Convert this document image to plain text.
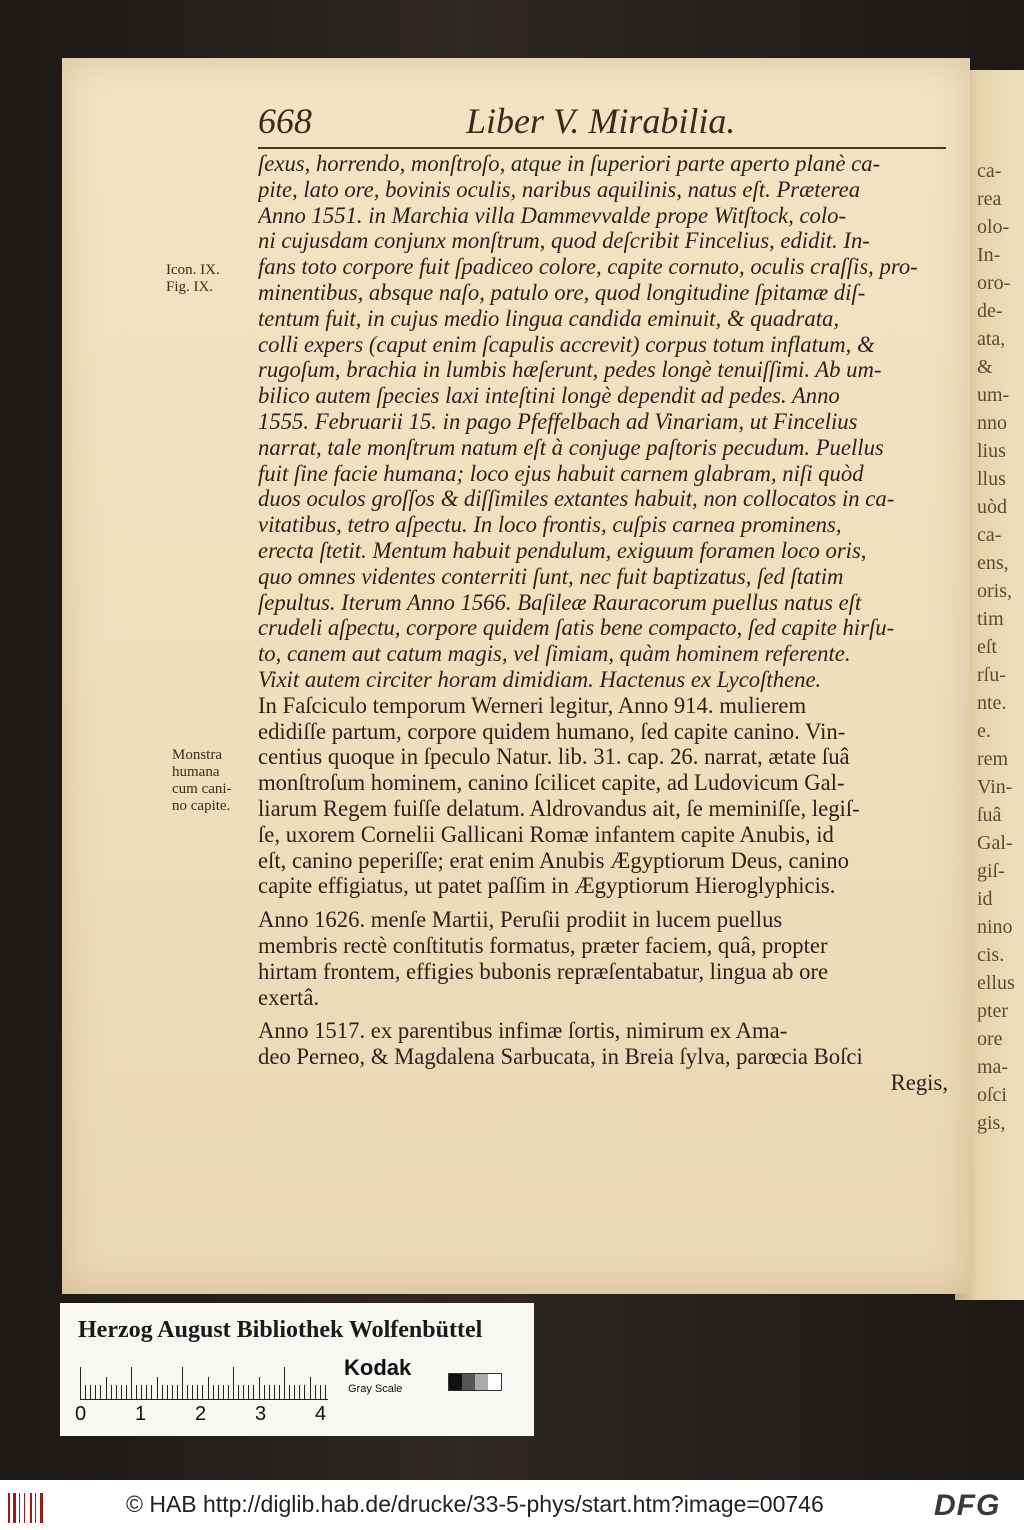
ca-
rea
olo-
In-
oro-
de-
ata,
&
um-
nno
lius
llus
uòd
ca-
ens,
oris,
tim
eſt
rſu-
nte.
e.
rem
Vin-
ſuâ
Gal-
giſ-
id
nino
cis.
ellus
pter
ore
ma-
oſci
gis,
668	Liber V. Mirabilia.
Icon. IX.
Fig. IX.
Monstra
humana
cum cani-
no capite.
ſexus, horrendo, monſtroſo, atque in ſuperiori parte aperto planè ca-
pite, lato ore, bovinis oculis, naribus aquilinis, natus eſt. Præterea
Anno 1551. in Marchia villa Dammevvalde prope Witſtock, colo-
ni cujusdam conjunx monſtrum, quod deſcribit Fincelius, edidit. In-
fans toto corpore fuit ſpadiceo colore, capite cornuto, oculis craſſis, pro-
minentibus, absque naſo, patulo ore, quod longitudine ſpitamæ diſ-
tentum fuit, in cujus medio lingua candida eminuit, & quadrata,
colli expers (caput enim ſcapulis accrevit) corpus totum inflatum, &
rugoſum, brachia in lumbis hæſerunt, pedes longè tenuiſſimi. Ab um-
bilico autem ſpecies laxi inteſtini longè dependit ad pedes. Anno
1555. Februarii 15. in pago Pfeffelbach ad Vinariam, ut Fincelius
narrat, tale monſtrum natum eſt à conjuge paſtoris pecudum. Puellus
fuit ſine facie humana; loco ejus habuit carnem glabram, niſi quòd
duos oculos groſſos & diſſimiles extantes habuit, non collocatos in ca-
vitatibus, tetro aſpectu. In loco frontis, cuſpis carnea prominens,
erecta ſtetit. Mentum habuit pendulum, exiguum foramen loco oris,
quo omnes videntes conterriti ſunt, nec fuit baptizatus, ſed ſtatim
ſepultus. Iterum Anno 1566. Baſileæ Rauracorum puellus natus eſt
crudeli aſpectu, corpore quidem ſatis bene compacto, ſed capite hirſu-
to, canem aut catum magis, vel ſimiam, quàm hominem referente.
Vixit autem circiter horam dimidiam. Hactenus ex Lycoſthene.
In Faſciculo temporum Werneri legitur, Anno 914. mulierem
edidiſſe partum, corpore quidem humano, ſed capite canino. Vin-
centius quoque in ſpeculo Natur. lib. 31. cap. 26. narrat, ætate ſuâ
monſtroſum hominem, canino ſcilicet capite, ad Ludovicum Gal-
liarum Regem fuiſſe delatum. Aldrovandus ait, ſe meminiſſe, legiſ-
ſe, uxorem Cornelii Gallicani Romæ infantem capite Anubis, id
eſt, canino peperiſſe; erat enim Anubis Ægyptiorum Deus, canino
capite effigiatus, ut patet paſſim in Ægyptiorum Hieroglyphicis.
Anno 1626. menſe Martii, Peruſii prodiit in lucem puellus
membris rectè conſtitutis formatus, præter faciem, quâ, propter
hirtam frontem, effigies bubonis repræſentabatur, lingua ab ore
exertâ.
Anno 1517. ex parentibus infimæ ſortis, nimirum ex Ama-
deo Perneo, & Magdalena Sarbucata, in Breia ſylva, parœcia Boſci
Regis,
Herzog August Bibliothek Wolfenbüttel
0 1 2 3 4
Kodak
Gray Scale
© HAB http://diglib.hab.de/drucke/33-5-phys/start.htm?image=00746	DFG
